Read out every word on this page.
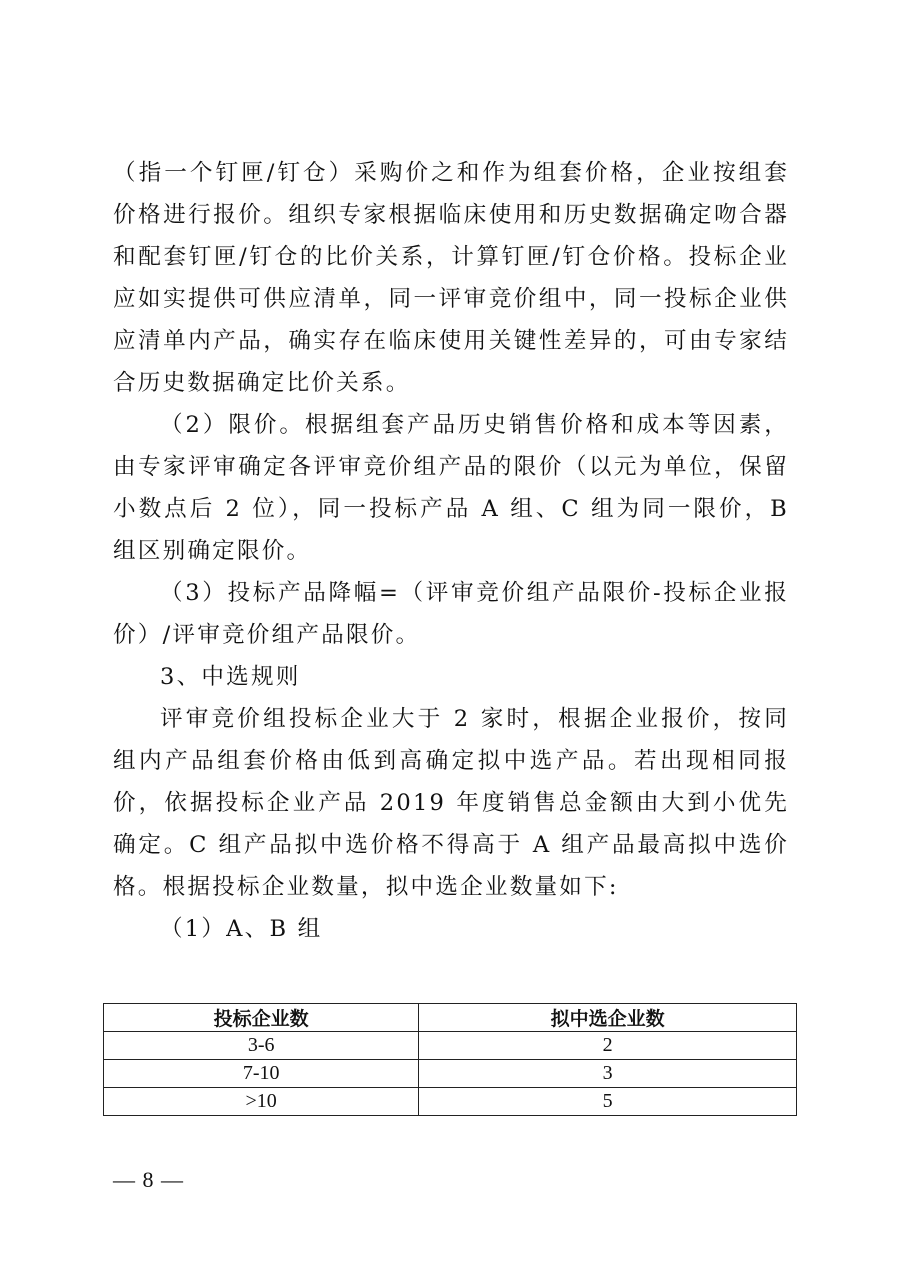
（指一个钉匣/钉仓）采购价之和作为组套价格，企业按组套价格进行报价。组织专家根据临床使用和历史数据确定吻合器和配套钉匣/钉仓的比价关系，计算钉匣/钉仓价格。投标企业应如实提供可供应清单，同一评审竞价组中，同一投标企业供应清单内产品，确实存在临床使用关键性差异的，可由专家结合历史数据确定比价关系。

（2）限价。根据组套产品历史销售价格和成本等因素，由专家评审确定各评审竞价组产品的限价（以元为单位，保留小数点后 2 位），同一投标产品 A 组、C 组为同一限价，B 组区别确定限价。

（3）投标产品降幅=（评审竞价组产品限价-投标企业报价）/评审竞价组产品限价。

3、中选规则

评审竞价组投标企业大于 2 家时，根据企业报价，按同组内产品组套价格由低到高确定拟中选产品。若出现相同报价，依据投标企业产品 2019 年度销售总金额由大到小优先确定。C 组产品拟中选价格不得高于 A 组产品最高拟中选价格。根据投标企业数量，拟中选企业数量如下:

（1）A、B 组

投标企业数	拟中选企业数
3-6	2
7-10	3
>10	5
— 8 —
